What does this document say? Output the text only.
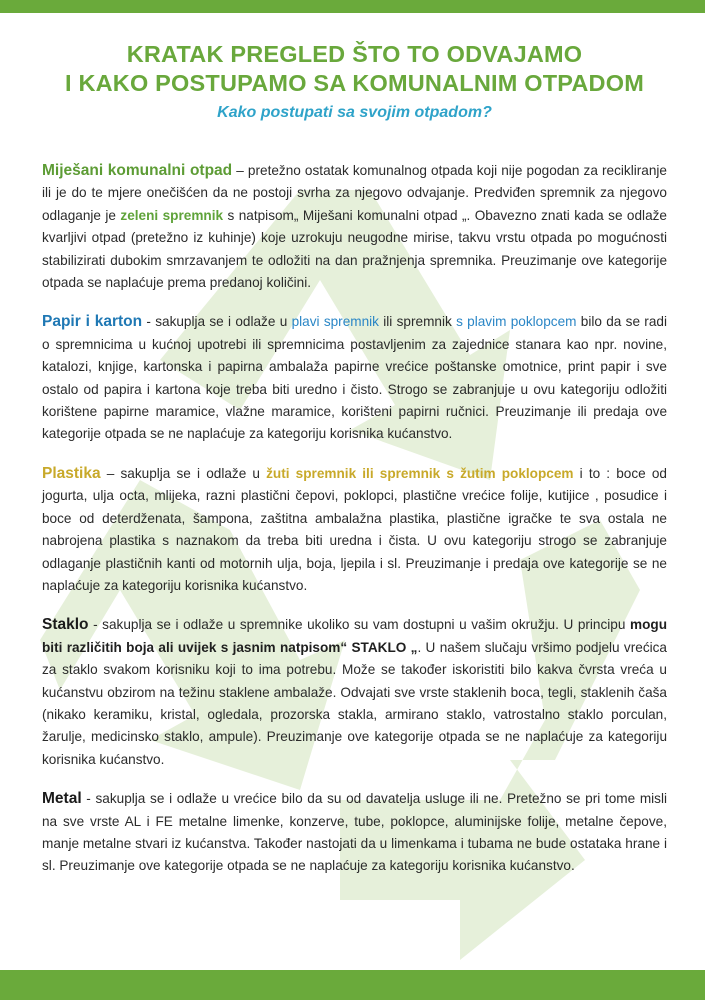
KRATAK PREGLED ŠTO TO ODVAJAMO
I KAKO POSTUPAMO SA KOMUNALNIM OTPADOM

Kako postupati sa svojim otpadom?

Miješani komunalni otpad – pretežno ostatak komunalnog otpada koji nije pogodan za recikliranje ili je do te mjere onečišćen da ne postoji svrha za njegovo odvajanje. Predviđen spremnik za njegovo odlaganje je zeleni spremnik s natpisom„ Miješani komunalni otpad „. Obavezno znati kada se odlaže kvarljivi otpad (pretežno iz kuhinje) koje uzrokuju neugodne mirise, takvu vrstu otpada po mogućnosti stabilizirati dubokim smrzavanjem te odložiti na dan pražnjenja spremnika. Preuzimanje ove kategorije otpada se naplaćuje prema predanoj količini.

Papir i karton - sakuplja se i odlaže u plavi spremnik ili spremnik s plavim poklopcem bilo da se radi o spremnicima u kućnoj upotrebi ili spremnicima postavljenim za zajednice stanara kao npr. novine, katalozi, knjige, kartonska i papirna ambalaža papirne vrećice poštanske omotnice, print papir i sve ostalo od papira i kartona koje treba biti uredno i čisto. Strogo se zabranjuje u ovu kategoriju odložiti korištene papirne maramice, vlažne maramice, korišteni papirni ručnici. Preuzimanje ili predaja ove kategorije otpada se ne naplaćuje za kategoriju korisnika kućanstvo.

Plastika – sakuplja se i odlaže u žuti spremnik ili spremnik s žutim poklopcem i to : boce od jogurta, ulja octa, mlijeka, razni plastični čepovi, poklopci, plastične vrećice folije, kutijice , posudice i boce od deterdženata, šampona, zaštitna ambalažna plastika, plastične igračke te sva ostala ne nabrojena plastika s naznakom da treba biti uredna i čista. U ovu kategoriju strogo se zabranjuje odlaganje plastičnih kanti od motornih ulja, boja, ljepila i sl. Preuzimanje i predaja ove kategorije se ne naplaćuje za kategoriju korisnika kućanstvo.

Staklo - sakuplja se i odlaže u spremnike ukoliko su vam dostupni u vašim okružju. U principu mogu biti različitih boja ali uvijek s jasnim natpisom“ STAKLO „. U našem slučaju vršimo podjelu vrećica za staklo svakom korisniku koji to ima potrebu. Može se također iskoristiti bilo kakva čvrsta vreća u kućanstvu obzirom na težinu staklene ambalaže. Odvajati sve vrste staklenih boca, tegli, staklenih čaša (nikako keramiku, kristal, ogledala, prozorska stakla, armirano staklo, vatrostalno staklo porculan, žarulje, medicinsko staklo, ampule). Preuzimanje ove kategorije otpada se ne naplaćuje za kategoriju korisnika kućanstvo.

Metal - sakuplja se i odlaže u vrećice bilo da su od davatelja usluge ili ne. Pretežno se pri tome misli na sve vrste AL i FE metalne limenke, konzerve, tube, poklopce, aluminijske folije, metalne čepove, manje metalne stvari iz kućanstva. Također nastojati da u limenkama i tubama ne bude ostataka hrane i sl. Preuzimanje ove kategorije otpada se ne naplaćuje za kategoriju korisnika kućanstvo.
